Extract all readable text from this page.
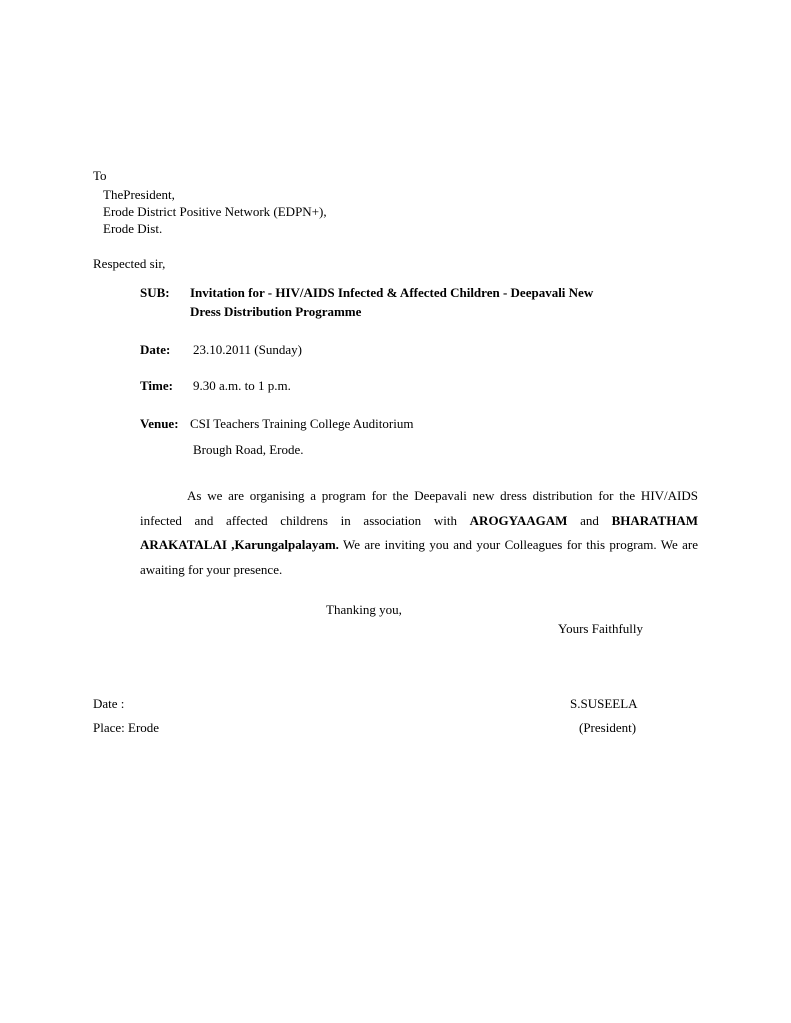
To
ThePresident,
Erode District Positive Network (EDPN+),
Erode Dist.
Respected sir,
SUB: Invitation for - HIV/AIDS Infected & Affected Children - Deepavali New
Dress Distribution Programme
Date: 23.10.2011 (Sunday)
Time: 9.30 a.m. to 1 p.m.
Venue: CSI Teachers Training College Auditorium
Brough Road, Erode.
As we are organising a program for the Deepavali new dress distribution for the HIV/AIDS infected and affected childrens in association with AROGYAAGAM and BHARATHAM ARAKATALAI ,Karungalpalayam. We are inviting you and your Colleagues for this program. We are awaiting for your presence.
Thanking you,
Yours Faithfully
Date :
Place: Erode
S.SUSEELA
(President)
